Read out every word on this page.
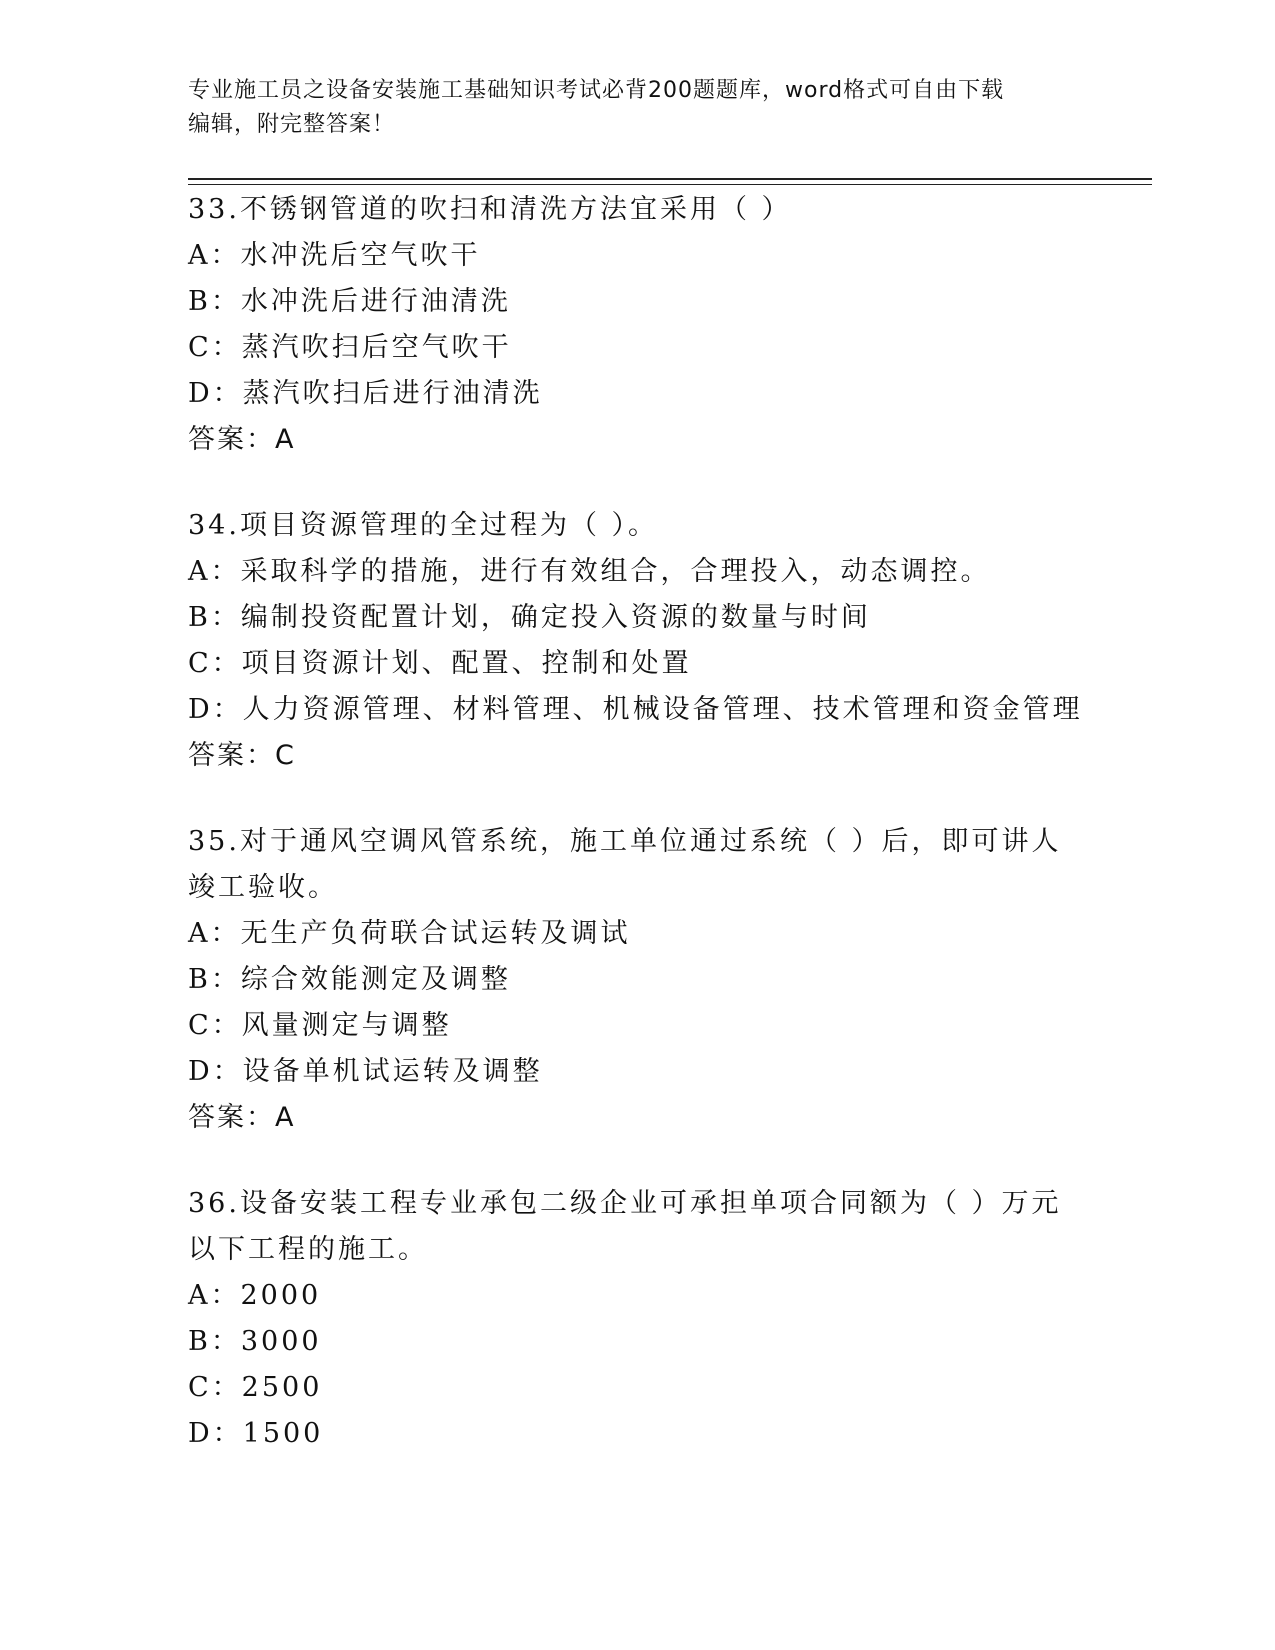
专业施工员之设备安装施工基础知识考试必背200题题库，word格式可自由下载
编辑，附完整答案！

33.不锈钢管道的吹扫和清洗方法宜采用（ ）

A：水冲洗后空气吹干

B：水冲洗后进行油清洗

C：蒸汽吹扫后空气吹干

D：蒸汽吹扫后进行油清洗

答案：A

34.项目资源管理的全过程为（ ）。

A：采取科学的措施，进行有效组合，合理投入，动态调控。

B：编制投资配置计划，确定投入资源的数量与时间

C：项目资源计划、配置、控制和处置

D：人力资源管理、材料管理、机械设备管理、技术管理和资金管理

答案：C

35.对于通风空调风管系统，施工单位通过系统（ ）后，即可讲人竣工验收。

A：无生产负荷联合试运转及调试

B：综合效能测定及调整

C：风量测定与调整

D：设备单机试运转及调整

答案：A

36.设备安装工程专业承包二级企业可承担单项合同额为（ ）万元以下工程的施工。

A：2000

B：3000

C：2500

D：1500
